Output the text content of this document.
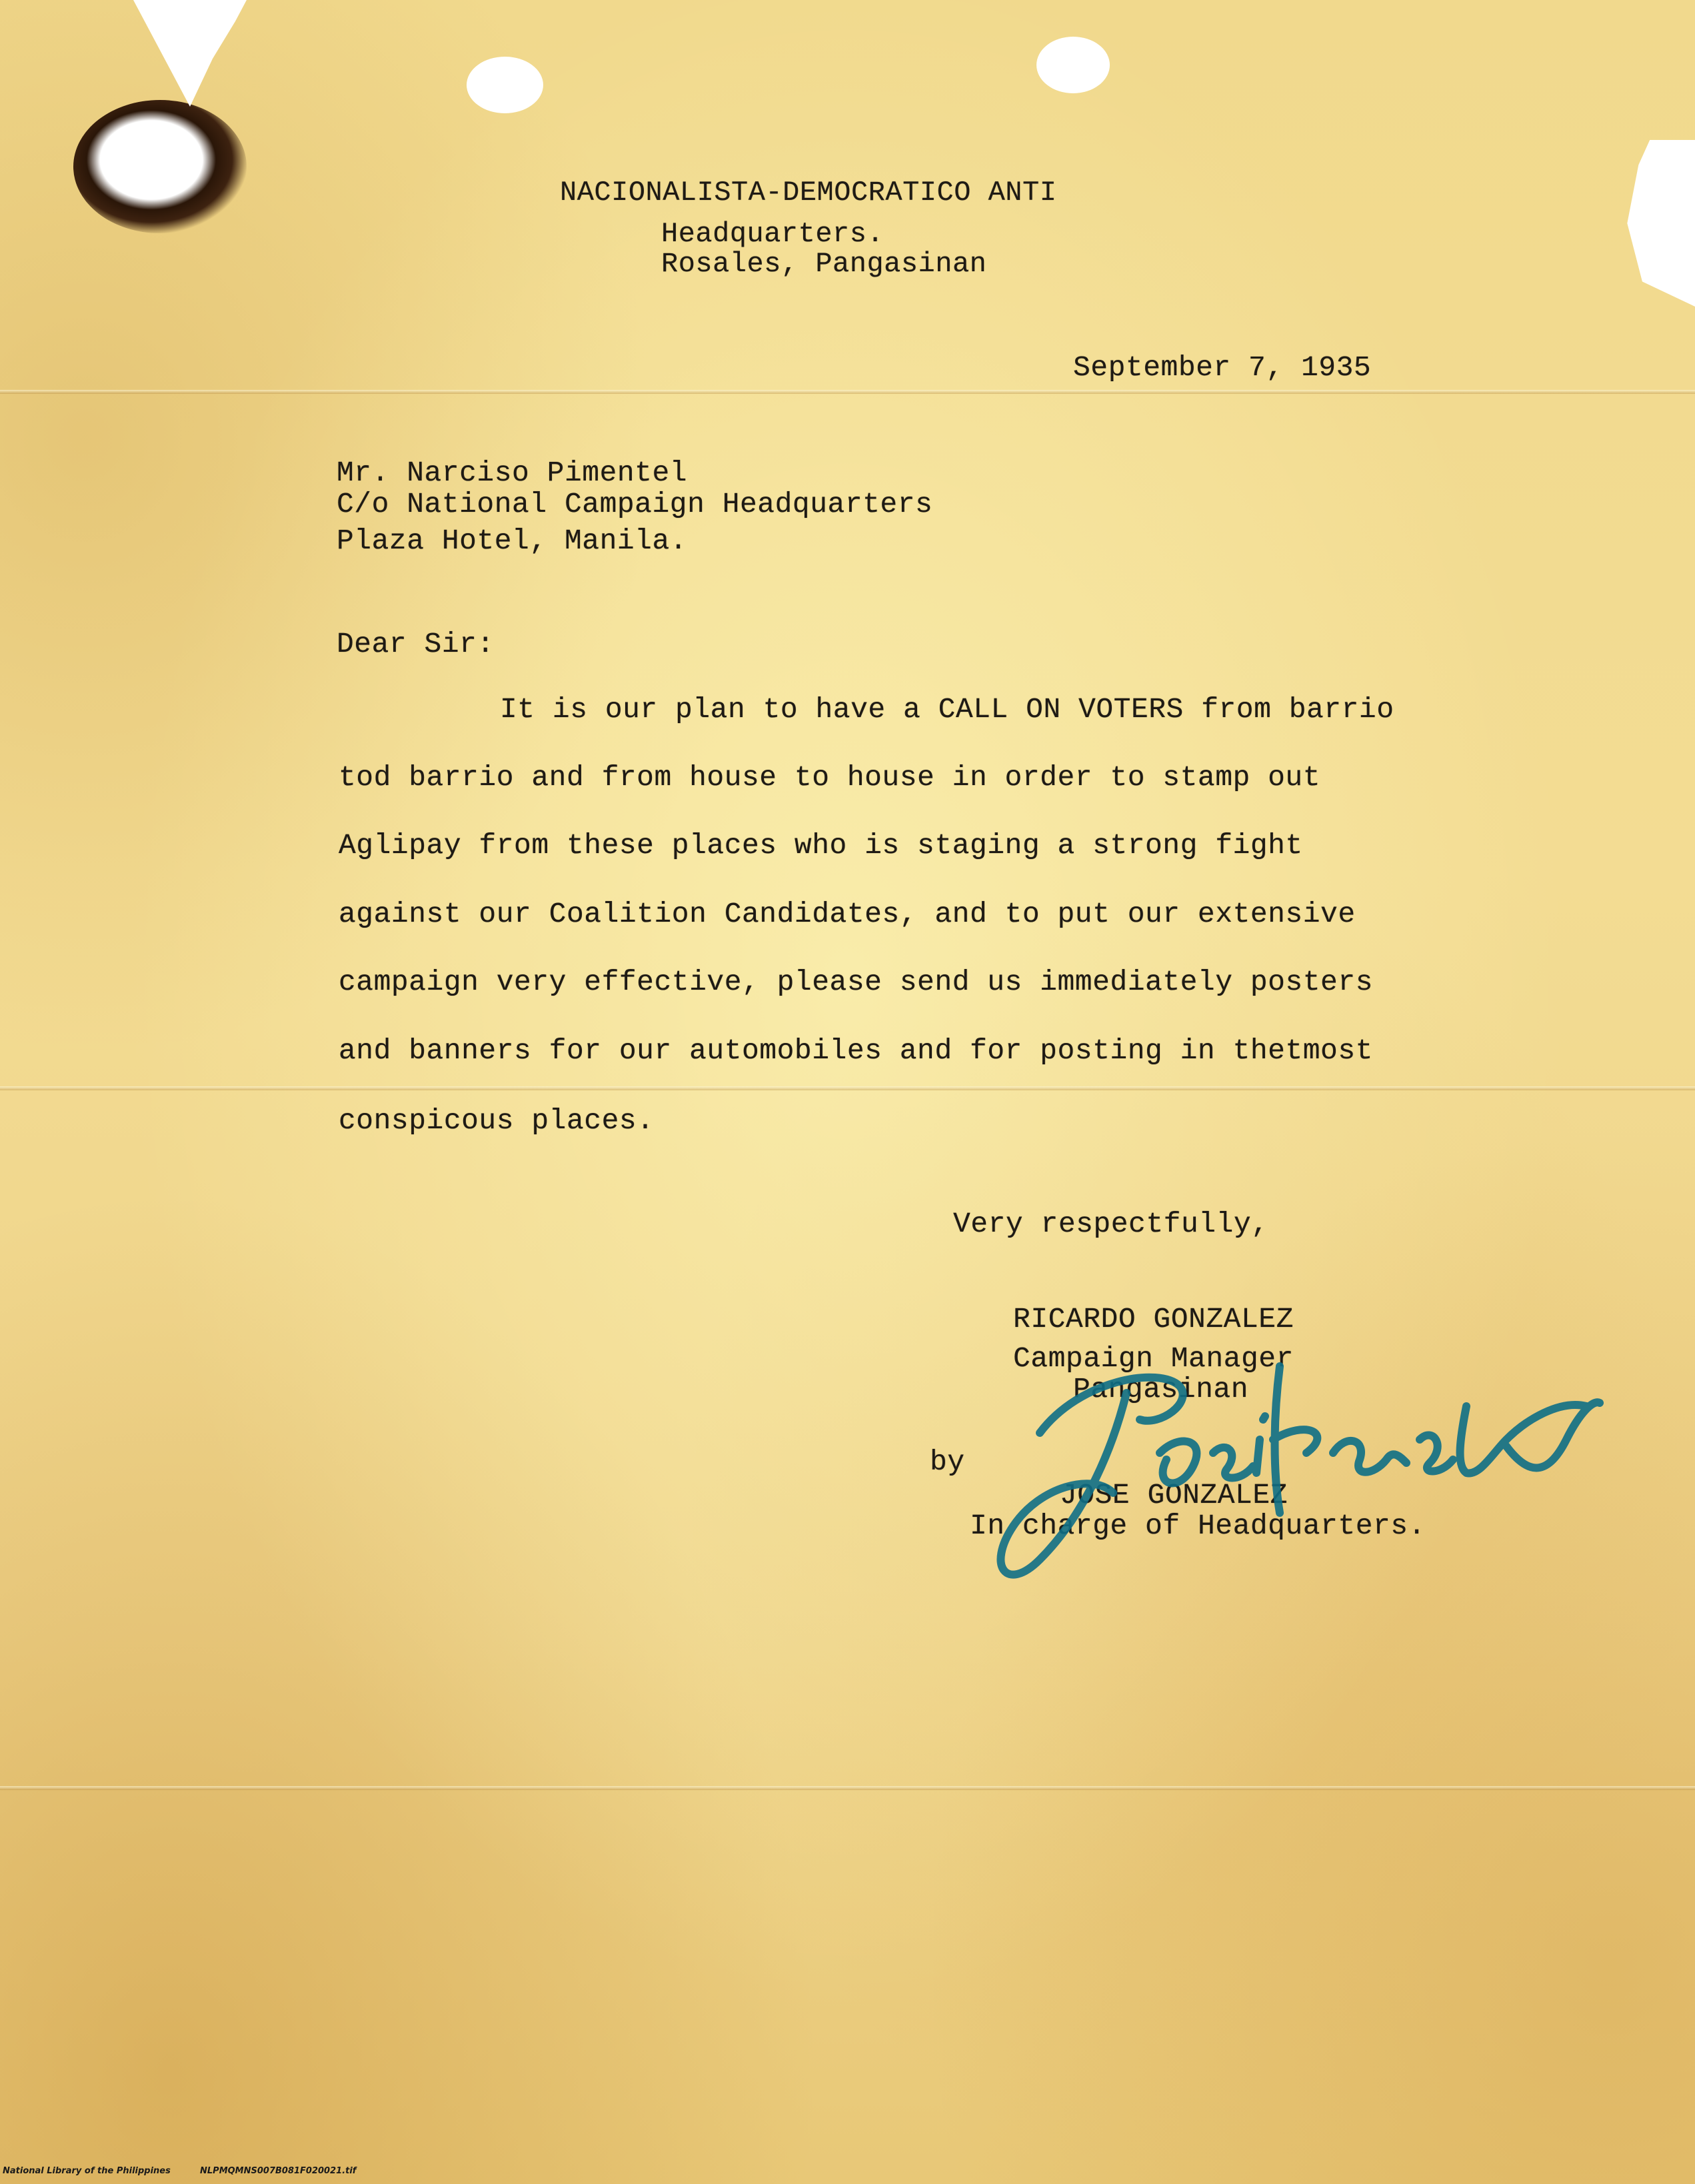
NACIONALISTA-DEMOCRATICO ANTI
Headquarters.
Rosales, Pangasinan
September 7, 1935
Mr. Narciso Pimentel
C/o National Campaign Headquarters
Plaza Hotel, Manila.
Dear Sir:
It is our plan to have a CALL ON VOTERS from barrio
tod barrio and from house to house in order to stamp out
Aglipay from these places who is staging a strong fight
against our Coalition Candidates, and to put our extensive
campaign very effective, please send us immediately posters
and banners for our automobiles and for posting in thetmost
conspicous places.
Very respectfully,
RICARDO GONZALEZ
Campaign Manager
Pangasinan
by
JOSE GONZALEZ
In charge of Headquarters.
National Library of the Philippines	NLPMQMNS007B081F020021.tif
